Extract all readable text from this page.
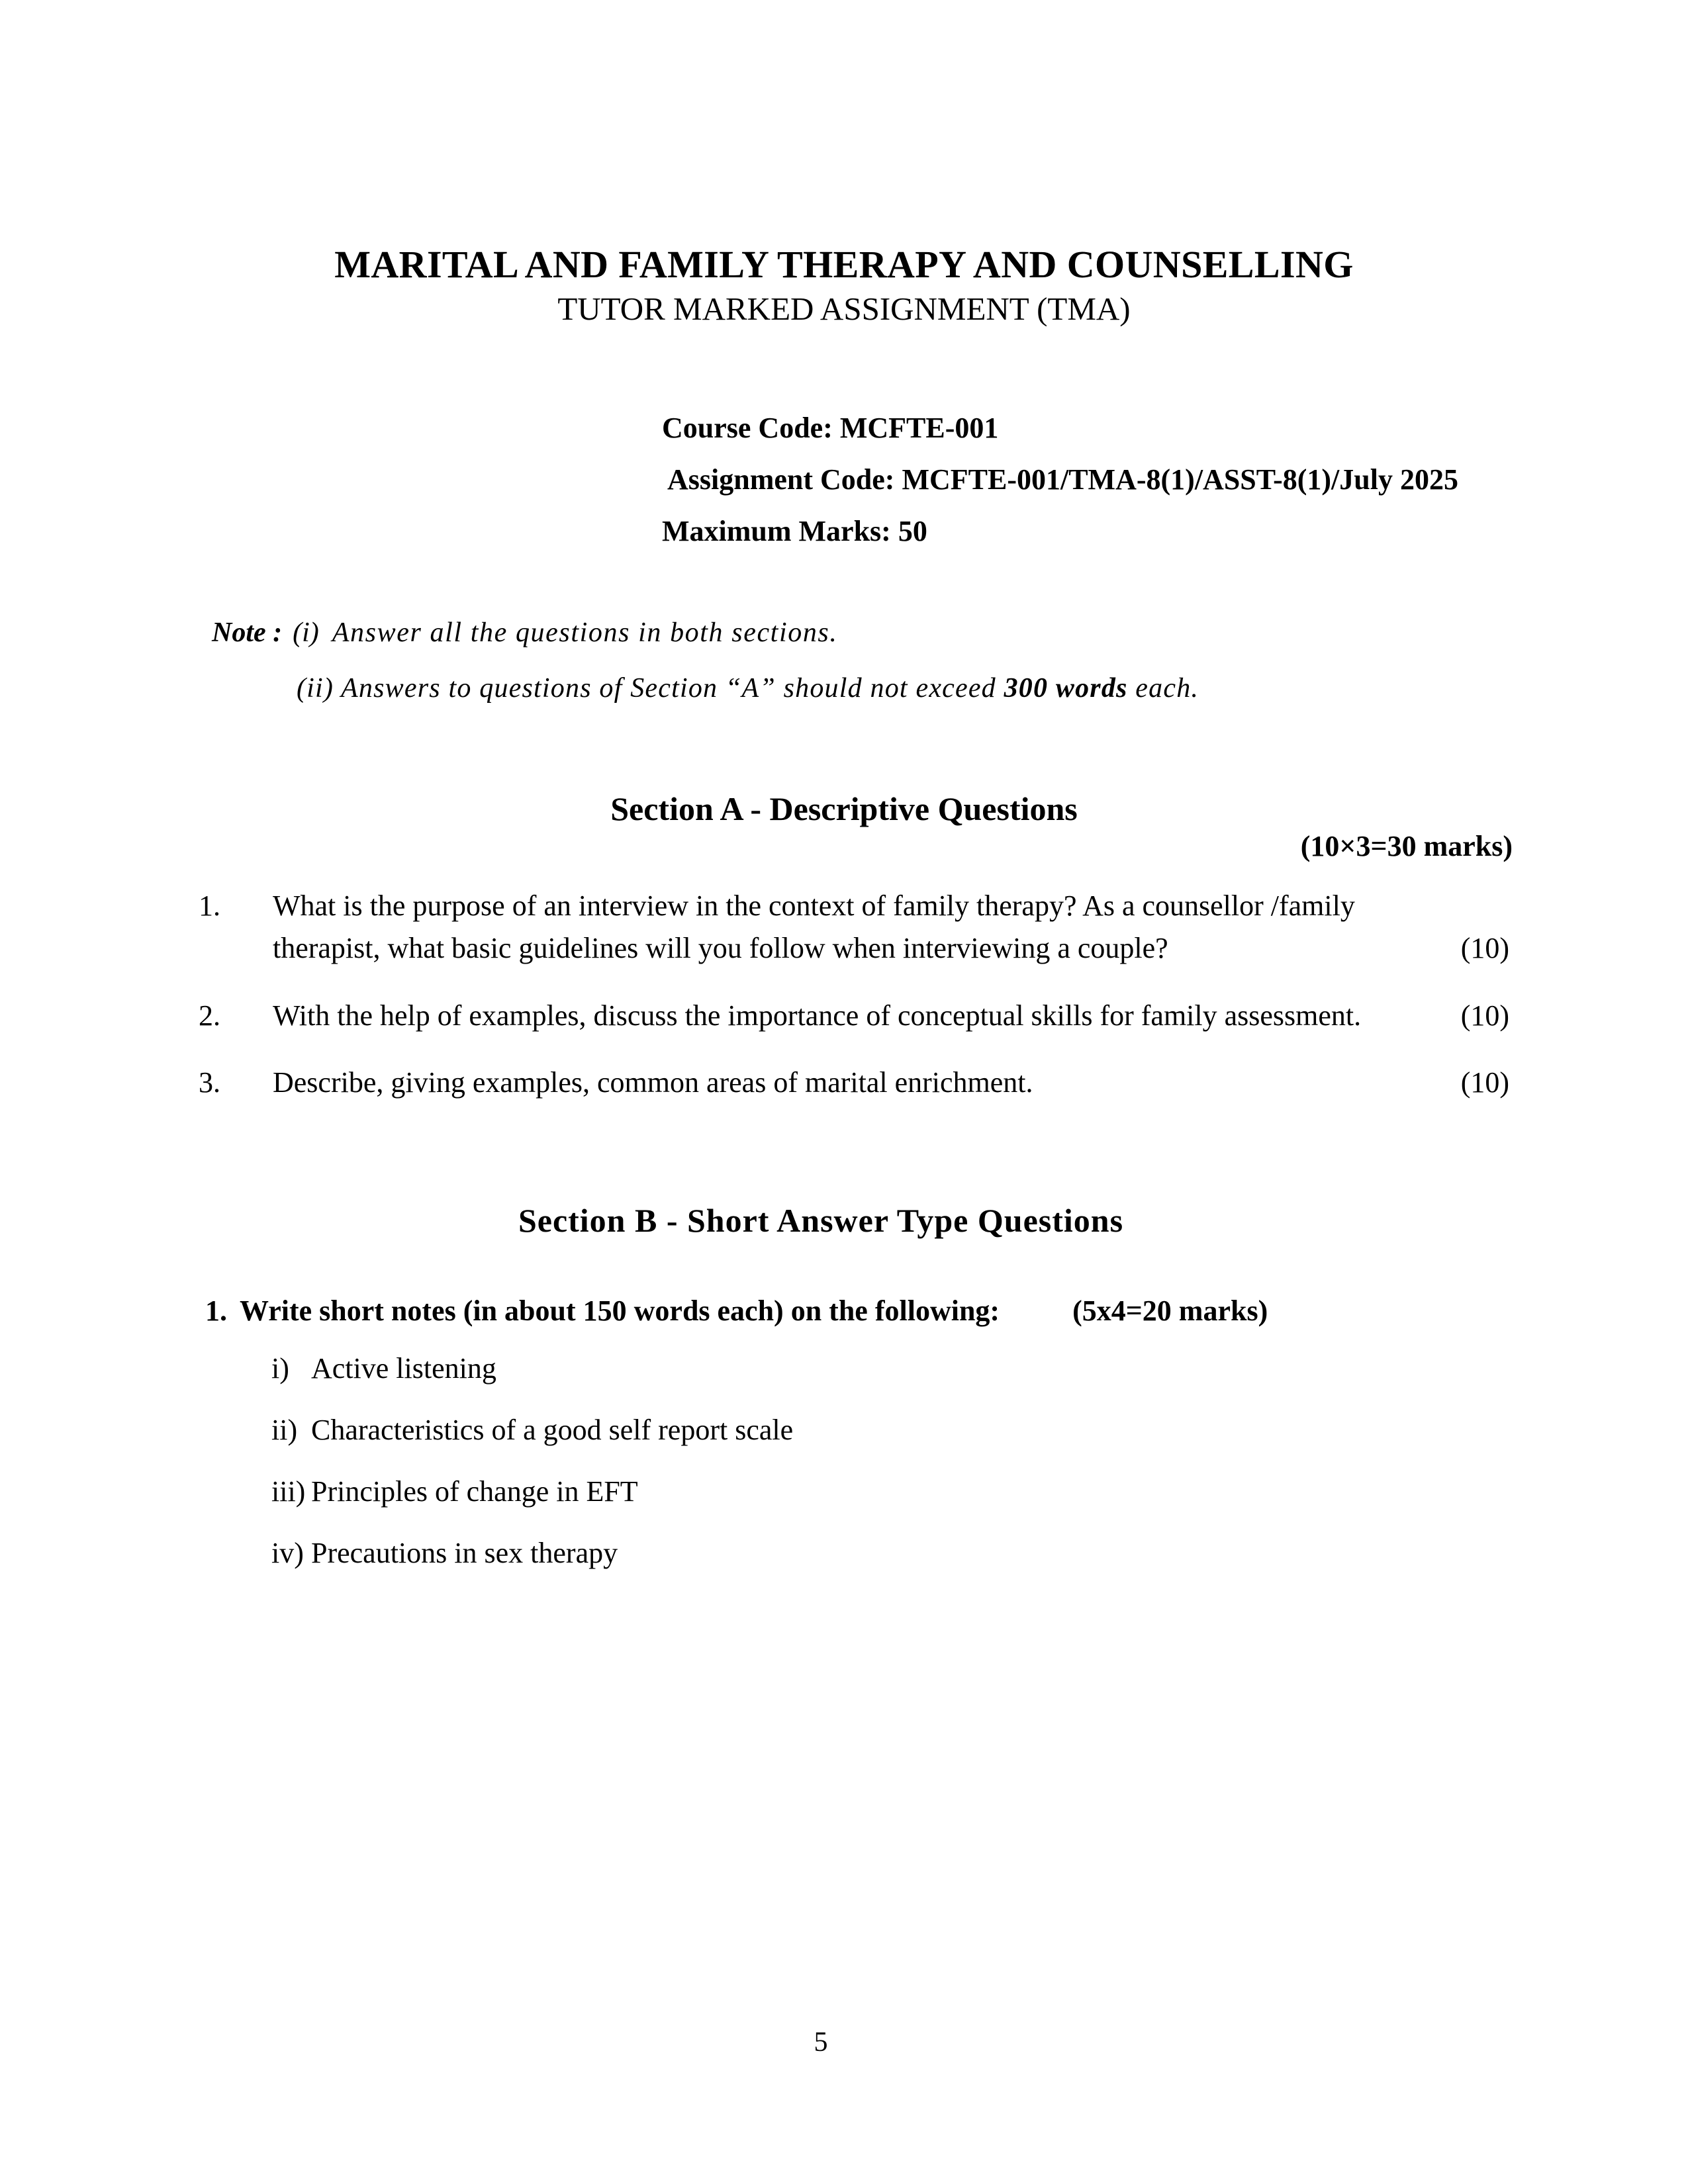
MARITAL AND FAMILY THERAPY AND COUNSELLING
TUTOR MARKED ASSIGNMENT (TMA)
Course Code: MCFTE-001
Assignment Code: MCFTE-001/TMA-8(1)/ASST-8(1)/July 2025
Maximum Marks: 50
Note : (i) Answer all the questions in both sections.
(ii) Answers to questions of Section “A” should not exceed 300 words each.
Section A - Descriptive Questions
(10×3=30 marks)
1.	What is the purpose of an interview in the context of family therapy? As a counsellor /family therapist, what basic guidelines will you follow when interviewing a couple?	(10)
2.	With the help of examples, discuss the importance of conceptual skills for family assessment.	(10)
3.	Describe, giving examples, common areas of marital enrichment.	(10)
Section B - Short Answer Type Questions
1. Write short notes (in about 150 words each) on the following:	(5x4=20 marks)
i) Active listening
ii) Characteristics of a good self report scale
iii) Principles of change in EFT
iv) Precautions in sex therapy
5
